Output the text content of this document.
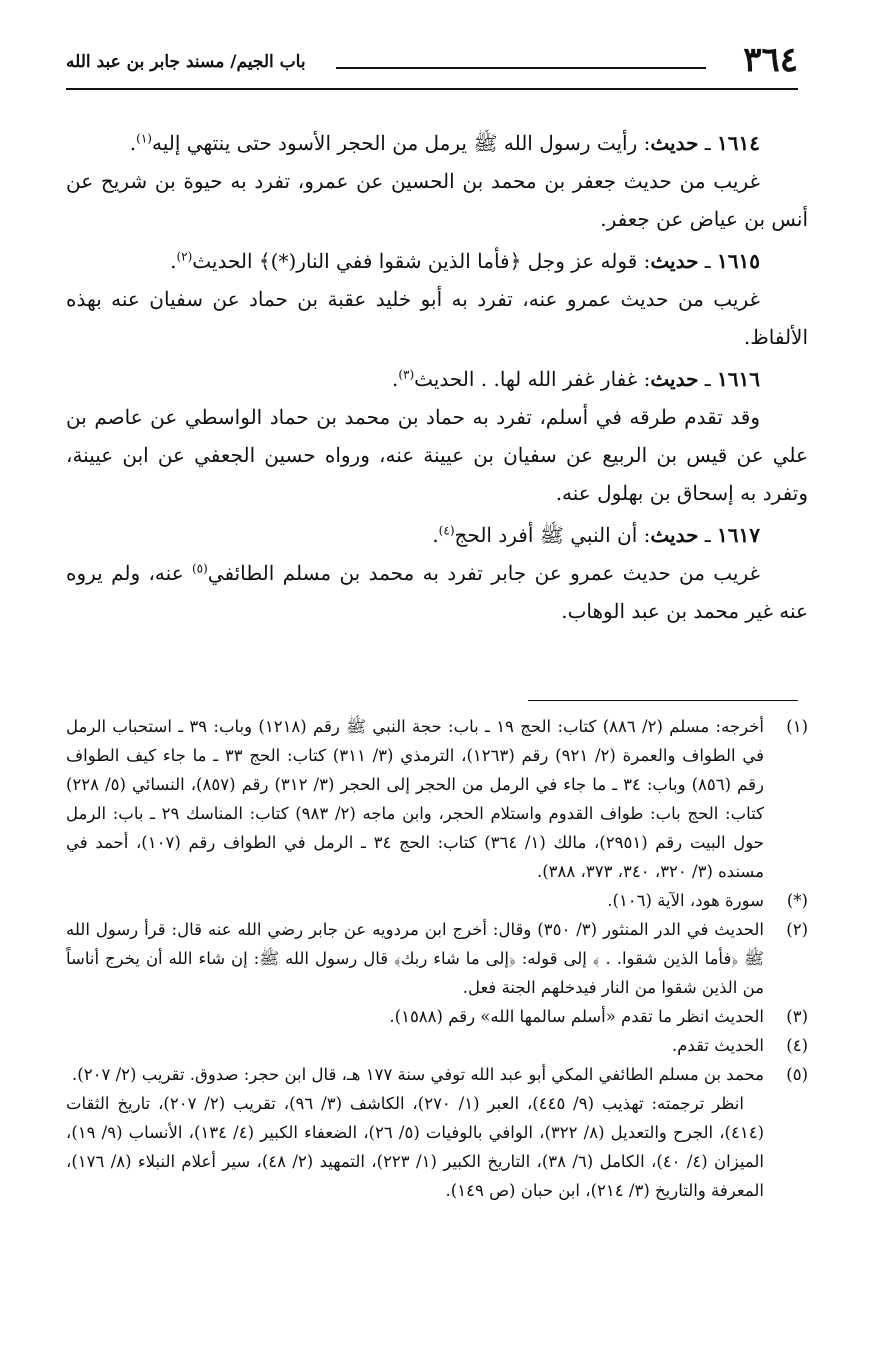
٣٦٤
باب الجيم/ مسند جابر بن عبد الله

١٦١٤ ـ حديث: رأيت رسول الله ﷺ يرمل من الحجر الأسود حتى ينتهي إليه$^{(١)}$.

غريب من حديث جعفر بن محمد بن الحسين عن عمرو، تفرد به حيوة بن شريح عن أنس بن عياض عن جعفر.

١٦١٥ ـ حديث: قوله عز وجل ﴿فأما الذين شقوا ففي النار(*)﴾ الحديث$^{(٢)}$.

غريب من حديث عمرو عنه، تفرد به أبو خليد عقبة بن حماد عن سفيان عنه بهذه الألفاظ.

١٦١٦ ـ حديث: غفار غفر الله لها. . الحديث$^{(٣)}$.

وقد تقدم طرقه في أسلم، تفرد به حماد بن محمد بن حماد الواسطي عن عاصم بن علي عن قيس بن الربيع عن سفيان بن عيينة عنه، ورواه حسين الجعفي عن ابن عيينة، وتفرد به إسحاق بن بهلول عنه.

١٦١٧ ـ حديث: أن النبي ﷺ أفرد الحج$^{(٤)}$.

غريب من حديث عمرو عن جابر تفرد به محمد بن مسلم الطائفي$^{(٥)}$ عنه، ولم يروه عنه غير محمد بن عبد الوهاب.

(١)
أخرجه: مسلم (٢/ ٨٨٦) كتاب: الحج ١٩ ـ باب: حجة النبي ﷺ رقم (١٢١٨) وباب: ٣٩ ـ استحباب الرمل في الطواف والعمرة (٢/ ٩٢١) رقم (١٢٦٣)، الترمذي (٣/ ٣١١) كتاب: الحج ٣٣ ـ ما جاء كيف الطواف رقم (٨٥٦) وباب: ٣٤ ـ ما جاء في الرمل من الحجر إلى الحجر (٣/ ٣١٢) رقم (٨٥٧)، النسائي (٥/ ٢٢٨) كتاب: الحج باب: طواف القدوم واستلام الحجر، وابن ماجه (٢/ ٩٨٣) كتاب: المناسك ٢٩ ـ باب: الرمل حول البيت رقم (٢٩٥١)، مالك (١/ ٣٦٤) كتاب: الحج ٣٤ ـ الرمل في الطواف رقم (١٠٧)، أحمد في مسنده (٣/ ٣٢٠، ٣٤٠، ٣٧٣، ٣٨٨).

(*)
سورة هود، الآية (١٠٦).

(٢)
الحديث في الدر المنثور (٣/ ٣٥٠) وقال: أخرج ابن مردويه عن جابر رضي الله عنه قال: قرأ رسول الله ﷺ ﴿فأما الذين شقوا. . ﴾ إلى قوله: ﴿إلى ما شاء ربك﴾ قال رسول الله ﷺ: إن شاء الله أن يخرج أناساً من الذين شقوا من النار فيدخلهم الجنة فعل.

(٣)
الحديث انظر ما تقدم «أسلم سالمها الله» رقم (١٥٨٨).

(٤)
الحديث تقدم.

(٥)
محمد بن مسلم الطائفي المكي أبو عبد الله توفي سنة ١٧٧ هـ، قال ابن حجر: صدوق. تقريب (٢/ ٢٠٧).

انظر ترجمته: تهذيب (٩/ ٤٤٥)، العبر (١/ ٢٧٠)، الكاشف (٣/ ٩٦)، تقريب (٢/ ٢٠٧)، تاريخ الثقات (٤١٤)، الجرح والتعديل (٨/ ٣٢٢)، الوافي بالوفيات (٥/ ٢٦)، الضعفاء الكبير (٤/ ١٣٤)، الأنساب (٩/ ١٩)، الميزان (٤/ ٤٠)، الكامل (٦/ ٣٨)، التاريخ الكبير (١/ ٢٢٣)، التمهيد (٢/ ٤٨)، سير أعلام النبلاء (٨/ ١٧٦)، المعرفة والتاريخ (٣/ ٢١٤)، ابن حبان (ص ١٤٩).
